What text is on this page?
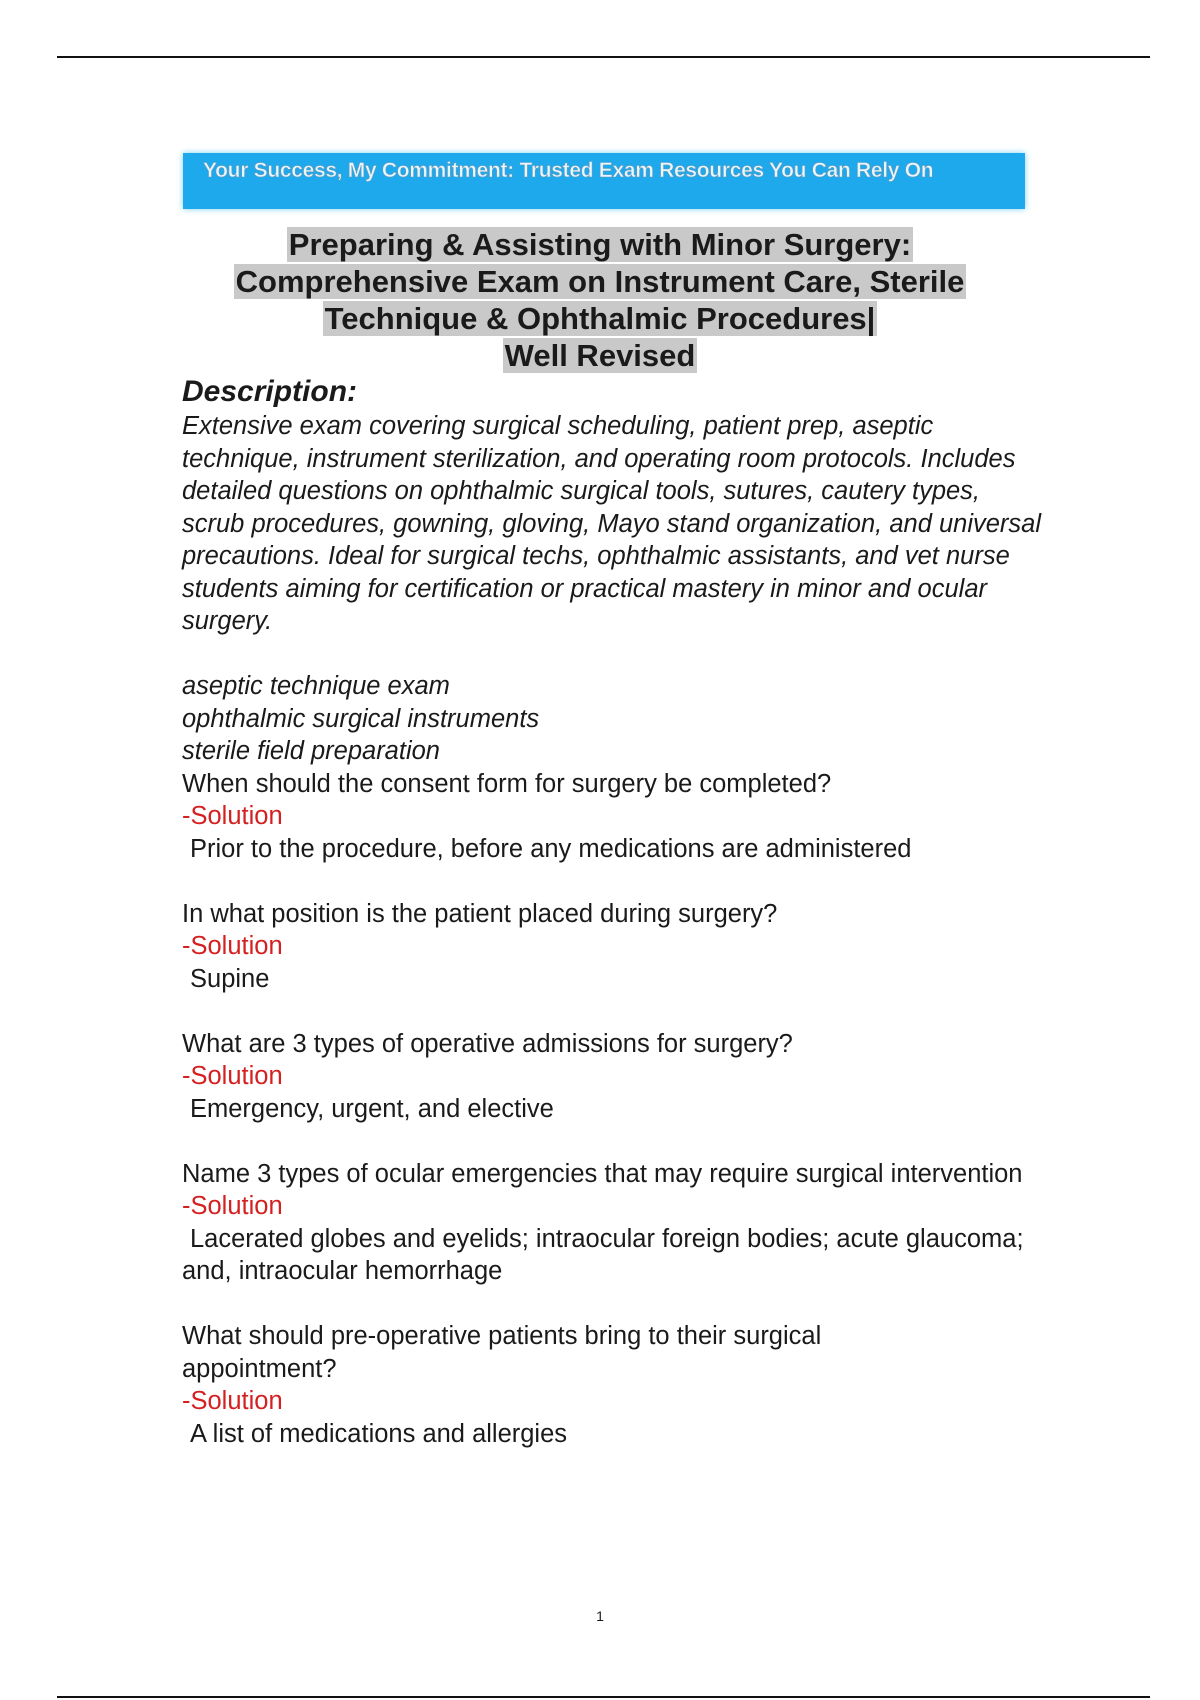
Your Success, My Commitment: Trusted Exam Resources You Can Rely On
Preparing & Assisting with Minor Surgery:
Comprehensive Exam on Instrument Care, Sterile
Technique & Ophthalmic Procedures|
Well Revised
Description:
Extensive exam covering surgical scheduling, patient prep, aseptic technique, instrument sterilization, and operating room protocols. Includes detailed questions on ophthalmic surgical tools, sutures, cautery types, scrub procedures, gowning, gloving, Mayo stand organization, and universal precautions. Ideal for surgical techs, ophthalmic assistants, and vet nurse students aiming for certification or practical mastery in minor and ocular surgery.
aseptic technique exam
ophthalmic surgical instruments
sterile field preparation
When should the consent form for surgery be completed?
-Solution
Prior to the procedure, before any medications are administered
In what position is the patient placed during surgery?
-Solution
Supine
What are 3 types of operative admissions for surgery?
-Solution
Emergency, urgent, and elective
Name 3 types of ocular emergencies that may require surgical intervention
-Solution
Lacerated globes and eyelids; intraocular foreign bodies; acute glaucoma; and, intraocular hemorrhage
What should pre-operative patients bring to their surgical appointment?
-Solution
A list of medications and allergies
1
